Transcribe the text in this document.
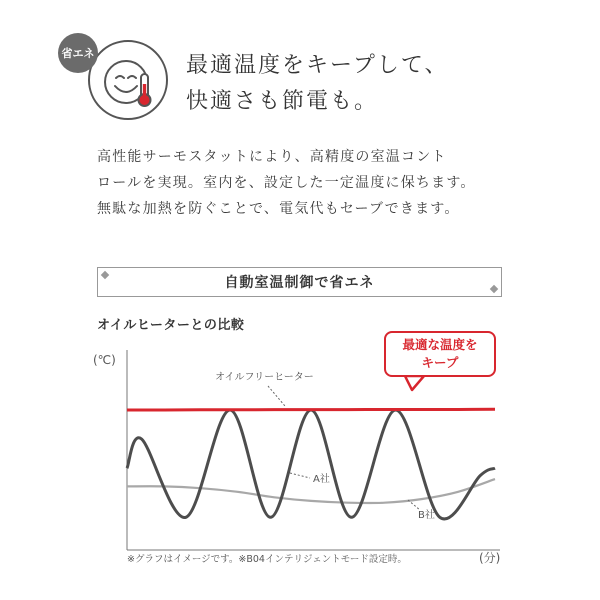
省エネ	最適温度をキープして、
快適さも節電も。
高性能サーモスタットにより、高精度の室温コント
ロールを実現。室内を、設定した一定温度に保ちます。
無駄な加熱を防ぐことで、電気代もセーブできます。
自動室温制御で省エネ
オイルヒーターとの比較
(℃)
(分)
※グラフはイメージです。※B04インテリジェントモード設定時。
オイルフリーヒーター
A社
B社
最適な温度を
キープ
